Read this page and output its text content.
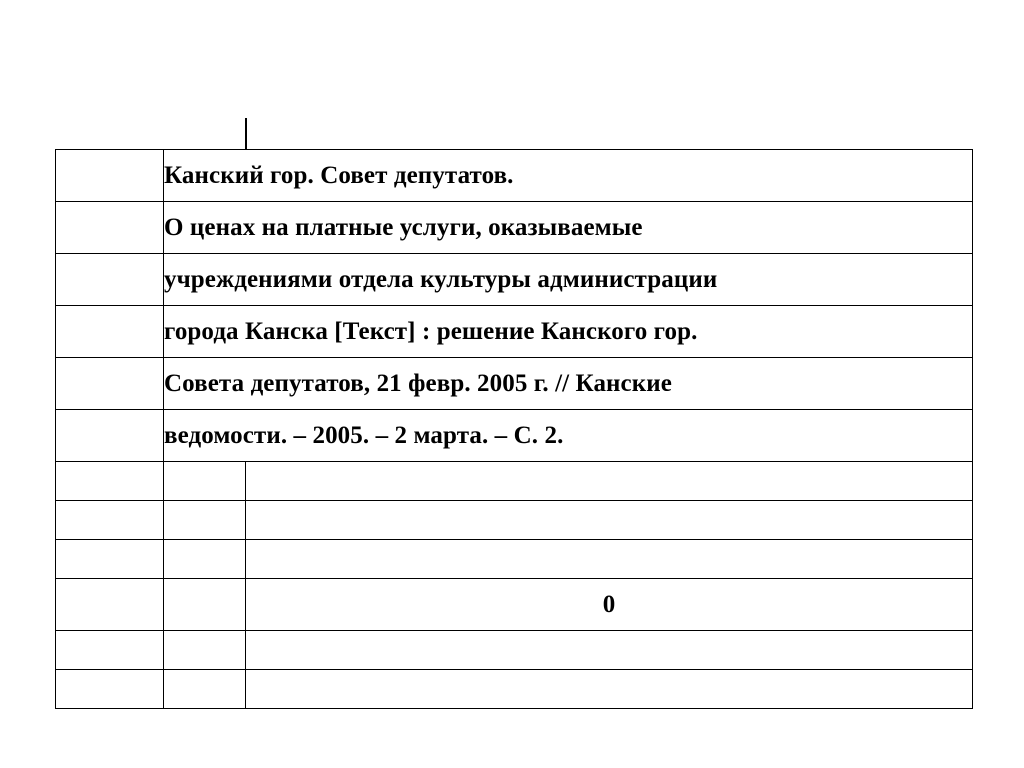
	Канский гор. Совет депутатов.	
	О ценах на платные услуги, оказываемые	
	учреждениями отдела культуры администрации	
	города Канска [Текст] : решение Канского гор.	
	Совета депутатов, 21 февр. 2005 г. // Канские	
	ведомости. – 2005. – 2 марта. – С. 2.	

		0
